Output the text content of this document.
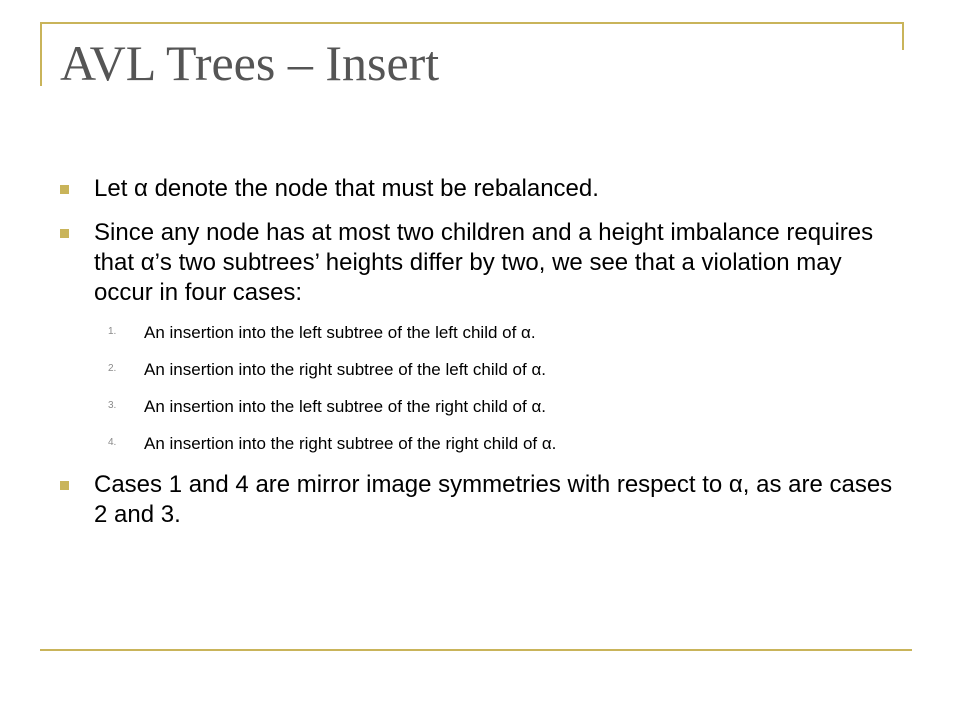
AVL Trees – Insert
Let α denote the node that must be rebalanced.
Since any node has at most two children and a height imbalance requires that α’s two subtrees’ heights differ by two, we see that a violation may occur in four cases:
1. An insertion into the left subtree of the left child of α.
2. An insertion into the right subtree of the left child of α.
3. An insertion into the left subtree of the right child of α.
4. An insertion into the right subtree of the right child of α.
Cases 1 and 4 are mirror image symmetries with respect to α, as are cases 2 and 3.
